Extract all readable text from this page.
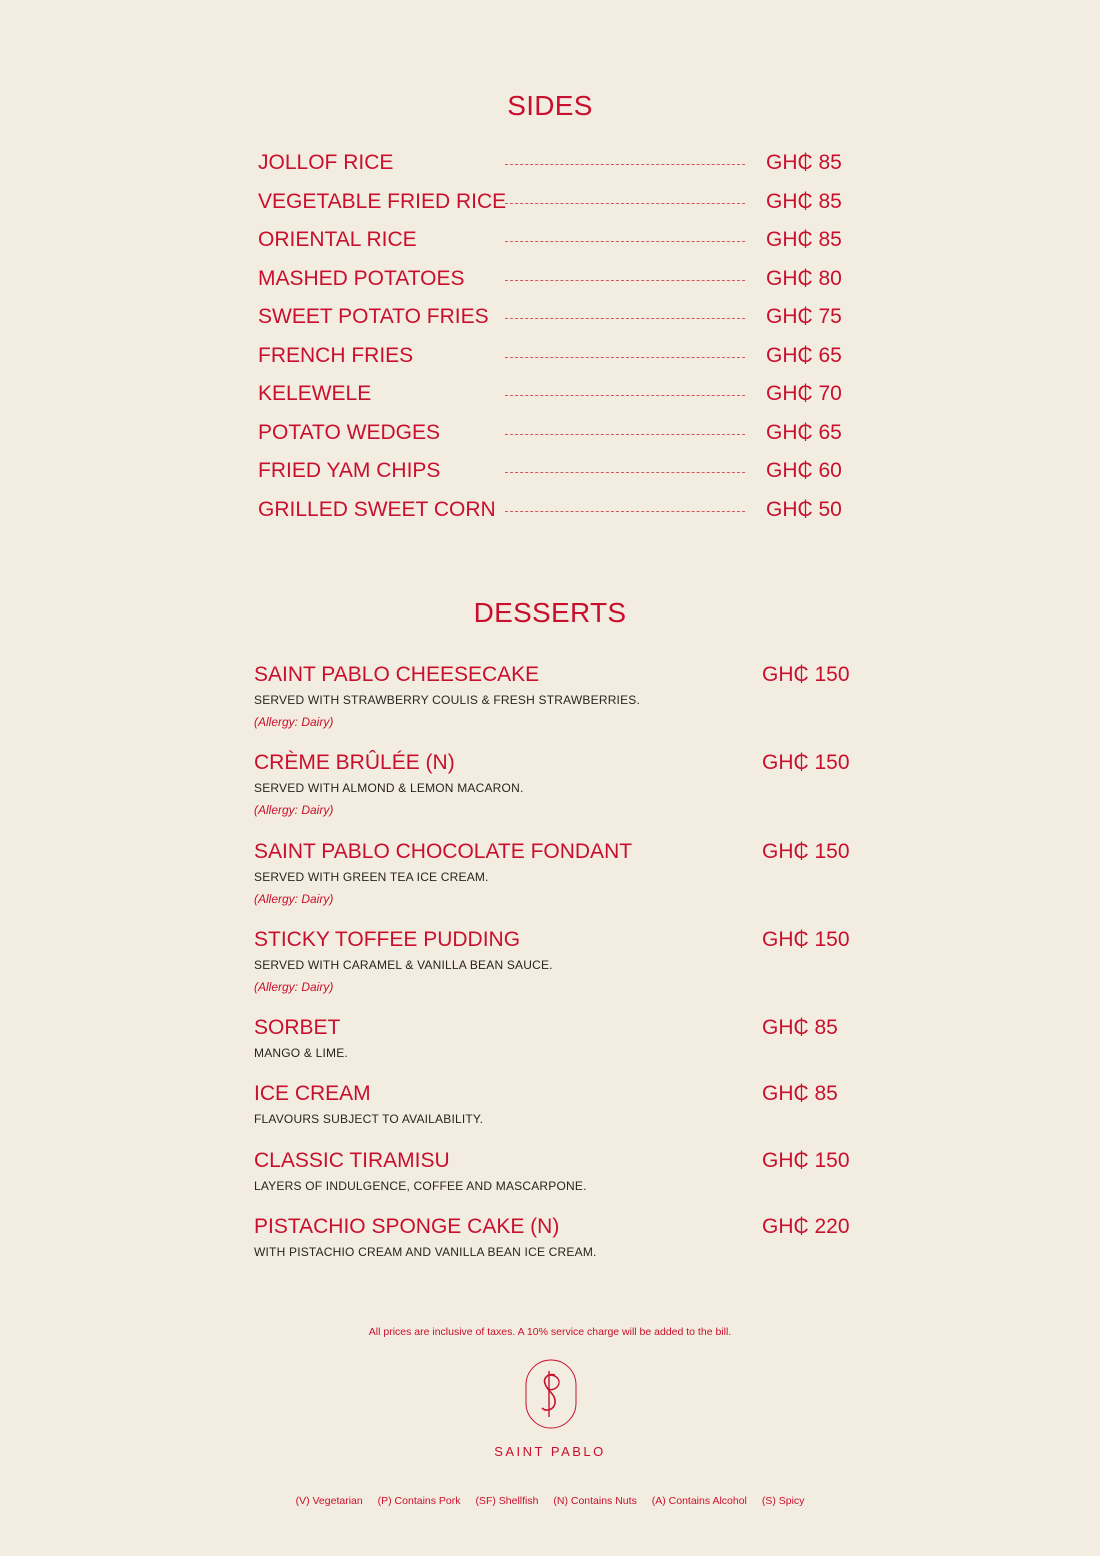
SIDES
JOLLOF RICE	GH₵ 85
VEGETABLE FRIED RICE	GH₵ 85
ORIENTAL RICE	GH₵ 85
MASHED POTATOES	GH₵ 80
SWEET POTATO FRIES	GH₵ 75
FRENCH FRIES	GH₵ 65
KELEWELE	GH₵ 70
POTATO WEDGES	GH₵ 65
FRIED YAM CHIPS	GH₵ 60
GRILLED SWEET CORN	GH₵ 50
DESSERTS
SAINT PABLO CHEESECAKE	GH₵ 150
SERVED WITH STRAWBERRY COULIS & FRESH STRAWBERRIES.
(Allergy: Dairy)
CRÈME BRÛLÉE (N)	GH₵ 150
SERVED WITH ALMOND & LEMON MACARON.
(Allergy: Dairy)
SAINT PABLO CHOCOLATE FONDANT	GH₵ 150
SERVED WITH GREEN TEA ICE CREAM.
(Allergy: Dairy)
STICKY TOFFEE PUDDING	GH₵ 150
SERVED WITH CARAMEL & VANILLA BEAN SAUCE.
(Allergy: Dairy)
SORBET	GH₵ 85
MANGO & LIME.
ICE CREAM	GH₵ 85
FLAVOURS SUBJECT TO AVAILABILITY.
CLASSIC TIRAMISU	GH₵ 150
LAYERS OF INDULGENCE, COFFEE AND MASCARPONE.
PISTACHIO SPONGE CAKE (N)	GH₵ 220
WITH PISTACHIO CREAM AND VANILLA BEAN ICE CREAM.
All prices are inclusive of taxes. A 10% service charge will be added to the bill.
SAINT PABLO
(V) Vegetarian (P) Contains Pork (SF) Shellfish (N) Contains Nuts (A) Contains Alcohol (S) Spicy
